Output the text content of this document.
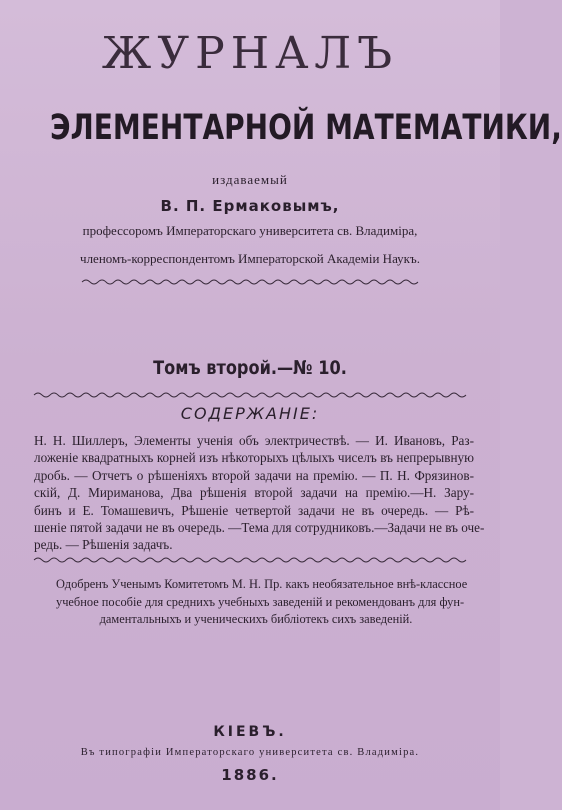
ЖУРНАЛЪ
ЭЛЕМЕНТАРНОЙ МАТЕМАТИКИ,
издаваемый
В. П. Ермаковымъ,
профессоромъ Императорскаго университета св. Владимiра,
членомъ-корреспондентомъ Императорской Академiи Наукъ.
Томъ второй.—№ 10.
СОДЕРЖАНIЕ:
Н. Н. Шиллеръ, Элементы ученiя объ электричествѣ. — И. Ивановъ, Раз-
ложенiе квадратныхъ корней изъ нѣкоторыхъ цѣлыхъ чиселъ въ непрерывную
дробь. — Отчетъ о рѣшенiяхъ второй задачи на премiю. — П. Н. Фрязинов-
скiй, Д. Мириманова, Два рѣшенiя второй задачи на премiю.—Н. Зару-
бинъ и Е. Томашевичъ, Рѣшенiе четвертой задачи не въ очередь. — Рѣ-
шенiе пятой задачи не въ очередь. —Тема для сотрудниковъ.—Задачи не въ оче-
редь. — Рѣшенiя задачъ.
Одобренъ Ученымъ Комитетомъ М. Н. Пр. какъ необязательное внѣ-классное
учебное пособiе для среднихъ учебныхъ заведенiй и рекомендованъ для фун-
даментальныхъ и ученическихъ библiотекъ сихъ заведенiй.
КIЕВЪ.
Въ типографiи Императорскаго университета св. Владимiра.
1886.
